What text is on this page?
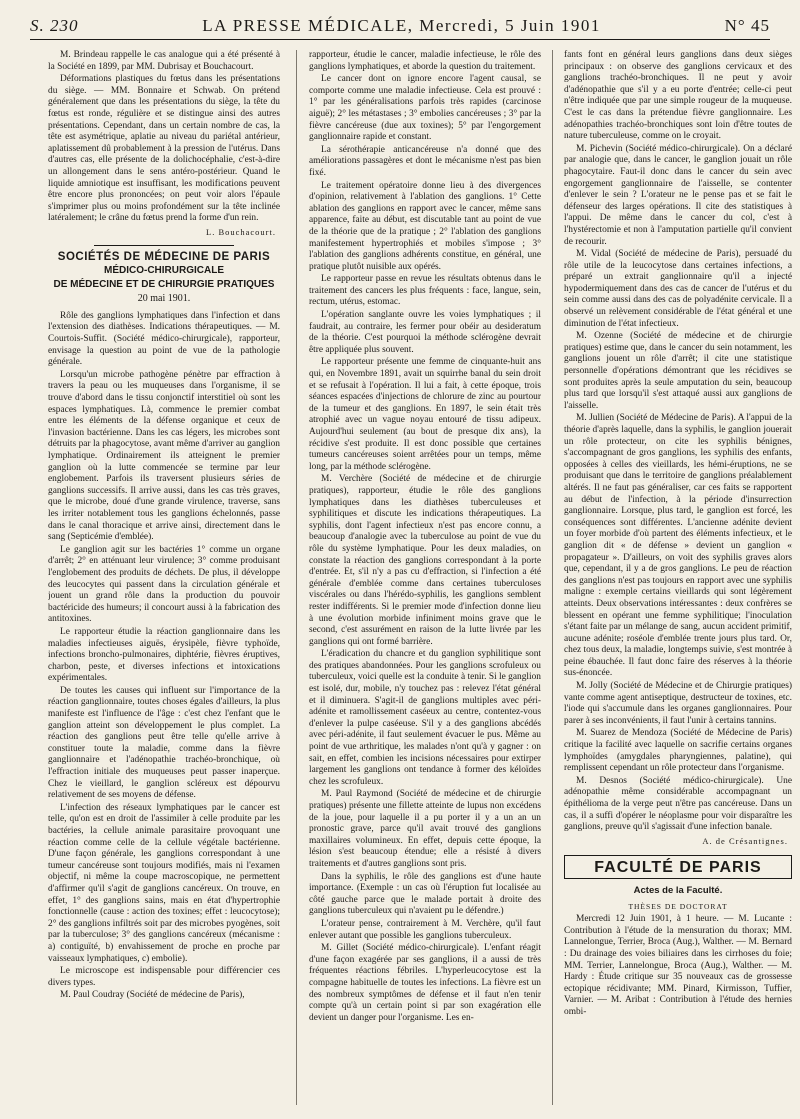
S. 230	LA PRESSE MÉDICALE, Mercredi, 5 Juin 1901	N° 45

M. Brindeau rappelle le cas analogue qui a été présenté à la Société en 1899, par MM. Dubrisay et Bouchacourt.

Déformations plastiques du fœtus dans les présentations du siège. — MM. Bonnaire et Schwab. On prétend généralement que dans les présentations du siège, la tête du fœtus est ronde, régulière et se distingue ainsi des autres présentations. Cependant, dans un certain nombre de cas, la tête est asymétrique, aplatie au niveau du pariétal antérieur, aplatissement dû probablement à la pression de l'utérus. Dans d'autres cas, elle présente de la dolichocéphalie, c'est-à-dire un allongement dans le sens antéro-postérieur. Quand le liquide amniotique est insuffisant, les modifications peuvent être encore plus prononcées; on peut voir alors l'épaule s'imprimer plus ou moins profondément sur la tête inclinée latéralement; le crâne du fœtus prend la forme d'un rein.

L. Bouchacourt.
SOCIÉTÉS DE MÉDECINE DE PARIS
MÉDICO-CHIRURGICALE
DE MÉDECINE ET DE CHIRURGIE PRATIQUES
20 mai 1901.

Rôle des ganglions lymphatiques dans l'infection et dans l'extension des diathèses. Indications thérapeutiques. — M. Courtois-Suffit. (Société médico-chirurgicale), rapporteur, envisage la question au point de vue de la pathologie générale.

Lorsqu'un microbe pathogène pénètre par effraction à travers la peau ou les muqueuses dans l'organisme, il se trouve d'abord dans le tissu conjonctif interstitiel où sont les espaces lymphatiques. Là, commence le premier combat entre les éléments de la défense organique et ceux de l'invasion bactérienne. Dans les cas légers, les microbes sont détruits par la phagocytose, avant même d'arriver au ganglion lymphatique. Ordinairement ils atteignent le premier ganglion où la lutte commencée se termine par leur englobement. Parfois ils traversent plusieurs séries de ganglions successifs. Il arrive aussi, dans les cas très graves, que le microbe, doué d'une grande virulence, traverse, sans les irriter notablement tous les ganglions échelonnés, passe dans le canal thoracique et arrive ainsi, directement dans le sang (Septicémie d'emblée).

Le ganglion agit sur les bactéries 1° comme un organe d'arrêt; 2° en atténuant leur virulence; 3° comme produisant l'englobement des produits de déchets. De plus, il développe des leucocytes qui passent dans la circulation générale et jouent un grand rôle dans la production du pouvoir bactéricide des humeurs; il concourt aussi à la fabrication des antitoxines.

Le rapporteur étudie la réaction ganglionnaire dans les maladies infectieuses aiguës, érysipèle, fièvre typhoïde, infections broncho-pulmonaires, diphtérie, fièvres éruptives, charbon, peste, et diverses infections et intoxications expérimentales.

De toutes les causes qui influent sur l'importance de la réaction ganglionnaire, toutes choses égales d'ailleurs, la plus manifeste est l'influence de l'âge : c'est chez l'enfant que le ganglion atteint son développement le plus complet. La réaction des ganglions peut être telle qu'elle arrive à constituer toute la maladie, comme dans la fièvre ganglionnaire et l'adénopathie trachéo-bronchique, où l'effraction initiale des muqueuses peut passer inaperçue. Chez le vieillard, le ganglion scléreux est dépourvu relativement de ses moyens de défense.

L'infection des réseaux lymphatiques par le cancer est telle, qu'on est en droit de l'assimiler à celle produite par les bactéries, la cellule animale parasitaire provoquant une réaction comme celle de la cellule végétale bactérienne. D'une façon générale, les ganglions correspondant à une tumeur cancéreuse sont toujours modifiés, mais ni l'examen objectif, ni même la coupe macroscopique, ne permettent d'affirmer qu'il s'agit de ganglions cancéreux. On trouve, en effet, 1° des ganglions sains, mais en état d'hypertrophie fonctionnelle (cause : action des toxines; effet : leucocytose); 2° des ganglions infiltrés soit par des microbes pyogènes, soit par la tuberculose; 3° des ganglions cancéreux (mécanisme : a) contiguïté, b) envahissement de proche en proche par vaisseaux lymphatiques, c) embolie).

Le microscope est indispensable pour différencier ces divers types.

M. Paul Coudray (Société de médecine de Paris),

rapporteur, étudie le cancer, maladie infectieuse, le rôle des ganglions lymphatiques, et aborde la question du traitement.

Le cancer dont on ignore encore l'agent causal, se comporte comme une maladie infectieuse. Cela est prouvé : 1° par les généralisations parfois très rapides (carcinose aiguë); 2° les métastases ; 3° embolies cancéreuses ; 3° par la fièvre cancéreuse (due aux toxines); 5° par l'engorgement ganglionnaire rapide et constant.

La sérothérapie anticancéreuse n'a donné que des améliorations passagères et dont le mécanisme n'est pas bien fixé.

Le traitement opératoire donne lieu à des divergences d'opinion, relativement à l'ablation des ganglions. 1° Cette ablation des ganglions en rapport avec le cancer, même sans apparence, faite au début, est discutable tant au point de vue de la théorie que de la pratique ; 2° l'ablation des ganglions manifestement hypertrophiés et mobiles s'impose ; 3° l'ablation des ganglions adhérents constitue, en général, une pratique plutôt nuisible aux opérés.

Le rapporteur passe en revue les résultats obtenus dans le traitement des cancers les plus fréquents : face, langue, sein, rectum, utérus, estomac.

L'opération sanglante ouvre les voies lymphatiques ; il faudrait, au contraire, les fermer pour obéir au desideratum de la théorie. C'est pourquoi la méthode sclérogène devrait être appliquée plus souvent.

Le rapporteur présente une femme de cinquante-huit ans qui, en Novembre 1891, avait un squirrhe banal du sein droit et se refusait à l'opération. Il lui a fait, à cette époque, trois séances espacées d'injections de chlorure de zinc au pourtour de la tumeur et des ganglions. En 1897, le sein était très atrophié avec un vague noyau entouré de tissu adipeux. Aujourd'hui seulement (au bout de presque dix ans), la récidive s'est produite. Il est donc possible que certaines tumeurs cancéreuses soient arrêtées pour un temps, même long, par la méthode sclérogène.

M. Verchère (Société de médecine et de chirurgie pratiques), rapporteur, étudie le rôle des ganglions lymphatiques dans les diathèses tuberculeuses et syphilitiques et discute les indications thérapeutiques. La syphilis, dont l'agent infectieux n'est pas encore connu, a beaucoup d'analogie avec la tuberculose au point de vue du rôle du système lymphatique. Pour les deux maladies, on constate la réaction des ganglions correspondant à la porte d'entrée. Et, s'il n'y a pas cu d'effraction, si l'infection a été générale d'emblée comme dans certaines tuberculoses viscérales ou dans l'hérédo-syphilis, les ganglions semblent rester indifférents. Si le premier mode d'infection donne lieu à une évolution morbide infiniment moins grave que le second, c'est assurément en raison de la lutte livrée par les ganglions qui ont formé barrière.

L'éradication du chancre et du ganglion syphilitique sont des pratiques abandonnées. Pour les ganglions scrofuleux ou tuberculeux, voici quelle est la conduite à tenir. Si le ganglion est isolé, dur, mobile, n'y touchez pas : relevez l'état général et il diminuera. S'agit-il de ganglions multiples avec péri-adénite et ramollissement caséeux au centre, contentez-vous d'enlever la pulpe caséeuse. S'il y a des ganglions abcédés avec péri-adénite, il faut seulement évacuer le pus. Même au point de vue arthritique, les malades n'ont qu'à y gagner : on sait, en effet, combien les incisions nécessaires pour extirper largement les ganglions ont tendance à former des kéloïdes chez les scrofuleux.

M. Paul Raymond (Société de médecine et de chirurgie pratiques) présente une fillette atteinte de lupus non excédens de la joue, pour laquelle il a pu porter il y a un an un pronostic grave, parce qu'il avait trouvé des ganglions maxillaires volumineux. En effet, depuis cette époque, la lésion s'est beaucoup étendue; elle a résisté à divers traitements et d'autres ganglions sont pris.

Dans la syphilis, le rôle des ganglions est d'une haute importance. (Exemple : un cas où l'éruption fut localisée au côté gauche parce que le malade portait à droite des ganglions tuberculeux qui n'avaient pu le défendre.)

L'orateur pense, contrairement à M. Verchère, qu'il faut enlever autant que possible les ganglions tuberculeux.

M. Gillet (Société médico-chirurgicale). L'enfant réagit d'une façon exagérée par ses ganglions, il a aussi de très fréquentes réactions fébriles. L'hyperleucocytose est la compagne habituelle de toutes les infections. La fièvre est un des nombreux symptômes de défense et il faut n'en tenir compte qu'à un certain point si par son exagération elle devient un danger pour l'organisme. Les en-

fants font en général leurs ganglions dans deux sièges principaux : on observe des ganglions cervicaux et des ganglions trachéo-bronchiques. Il ne peut y avoir d'adénopathie que s'il y a eu porte d'entrée; celle-ci peut n'être indiquée que par une simple rougeur de la muqueuse. C'est le cas dans la prétendue fièvre ganglionnaire. Les adénopathies trachéo-bronchiques sont loin d'être toutes de nature tuberculeuse, comme on le croyait.

M. Pichevin (Société médico-chirurgicale). On a déclaré par analogie que, dans le cancer, le ganglion jouait un rôle phagocytaire. Faut-il donc dans le cancer du sein avec engorgement ganglionnaire de l'aisselle, se contenter d'enlever le sein ? L'orateur ne le pense pas et se fait le défenseur des larges opérations. Il cite des statistiques à l'appui. De même dans le cancer du col, c'est à l'hystérectomie et non à l'amputation partielle qu'il convient de recourir.

M. Vidal (Société de médecine de Paris), persuadé du rôle utile de la leucocytose dans certaines infections, a préparé un extrait ganglionnaire qu'il a injecté hypodermiquement dans des cas de cancer de l'utérus et du sein comme aussi dans des cas de polyadénite cervicale. Il a observé un relèvement considérable de l'état général et une diminution de l'état infectieux.

M. Ozenne (Société de médecine et de chirurgie pratiques) estime que, dans le cancer du sein notamment, les ganglions jouent un rôle d'arrêt; il cite une statistique personnelle d'opérations démontrant que les récidives se sont produites après la seule amputation du sein, beaucoup plus tard que lorsqu'il s'est attaqué aussi aux ganglions de l'aisselle.

M. Jullien (Société de Médecine de Paris). A l'appui de la théorie d'après laquelle, dans la syphilis, le ganglion jouerait un rôle protecteur, on cite les syphilis bénignes, s'accompagnant de gros ganglions, les syphilis des enfants, opposées à celles des vieillards, les hémi-éruptions, ne se produisant que dans le territoire de ganglions préalablement altérés. Il ne faut pas généraliser, car ces faits se rapportent au début de l'infection, à la période d'insurrection ganglionnaire. Lorsque, plus tard, le ganglion est forcé, les conséquences sont différentes. L'ancienne adénite devient un foyer morbide d'où partent des éléments infectieux, et le ganglion dit « de défense » devient un ganglion « propagateur ». D'ailleurs, on voit des syphilis graves alors que, cependant, il y a de gros ganglions. Le peu de réaction des ganglions n'est pas toujours en rapport avec une syphilis maligne : exemple certains vieillards qui sont légèrement atteints. Deux observations intéressantes : deux confrères se blessent en opérant une femme syphilitique; l'inoculation s'étant faite par un mélange de sang, aucun accident primitif, aucune adénite; roséole d'emblée trente jours plus tard. Or, chez tous deux, la maladie, longtemps suivie, s'est montrée à peine ébauchée. Il faut donc faire des réserves à la théorie sus-énoncée.

M. Jolly (Société de Médecine et de Chirurgie pratiques) vante comme agent antiseptique, destructeur de toxines, etc. l'iode qui s'accumule dans les organes ganglionnaires. Pour parer à ses inconvénients, il faut l'unir à certains tannins.

M. Suarez de Mendoza (Société de Médecine de Paris) critique la facilité avec laquelle on sacrifie certains organes lymphoïdes (amygdales pharyngiennes, palatine), qui remplissent cependant un rôle protecteur dans l'organisme.

M. Desnos (Société médico-chirurgicale). Une adénopathie même considérable accompagnant un épithélioma de la verge peut n'être pas cancéreuse. Dans un cas, il a suffi d'opérer le néoplasme pour voir disparaître les ganglions, preuve qu'il s'agissait d'une infection banale.

A. de Crésantignes.
FACULTÉ DE PARIS
Actes de la Faculté.
THÈSES DE DOCTORAT

Mercredi 12 Juin 1901, à 1 heure. — M. Lucante : Contribution à l'étude de la mensuration du thorax; MM. Lannelongue, Terrier, Broca (Aug.), Walther. — M. Bernard : Du drainage des voies biliaires dans les cirrhoses du foie; MM. Terrier, Lannelongue, Broca (Aug.), Walther. — M. Hardy : Étude critique sur 35 nouveaux cas de grossesse ectopique récidivante; MM. Pinard, Kirmisson, Tuffier, Varnier. — M. Aribat : Contribution à l'étude des hernies ombi-
